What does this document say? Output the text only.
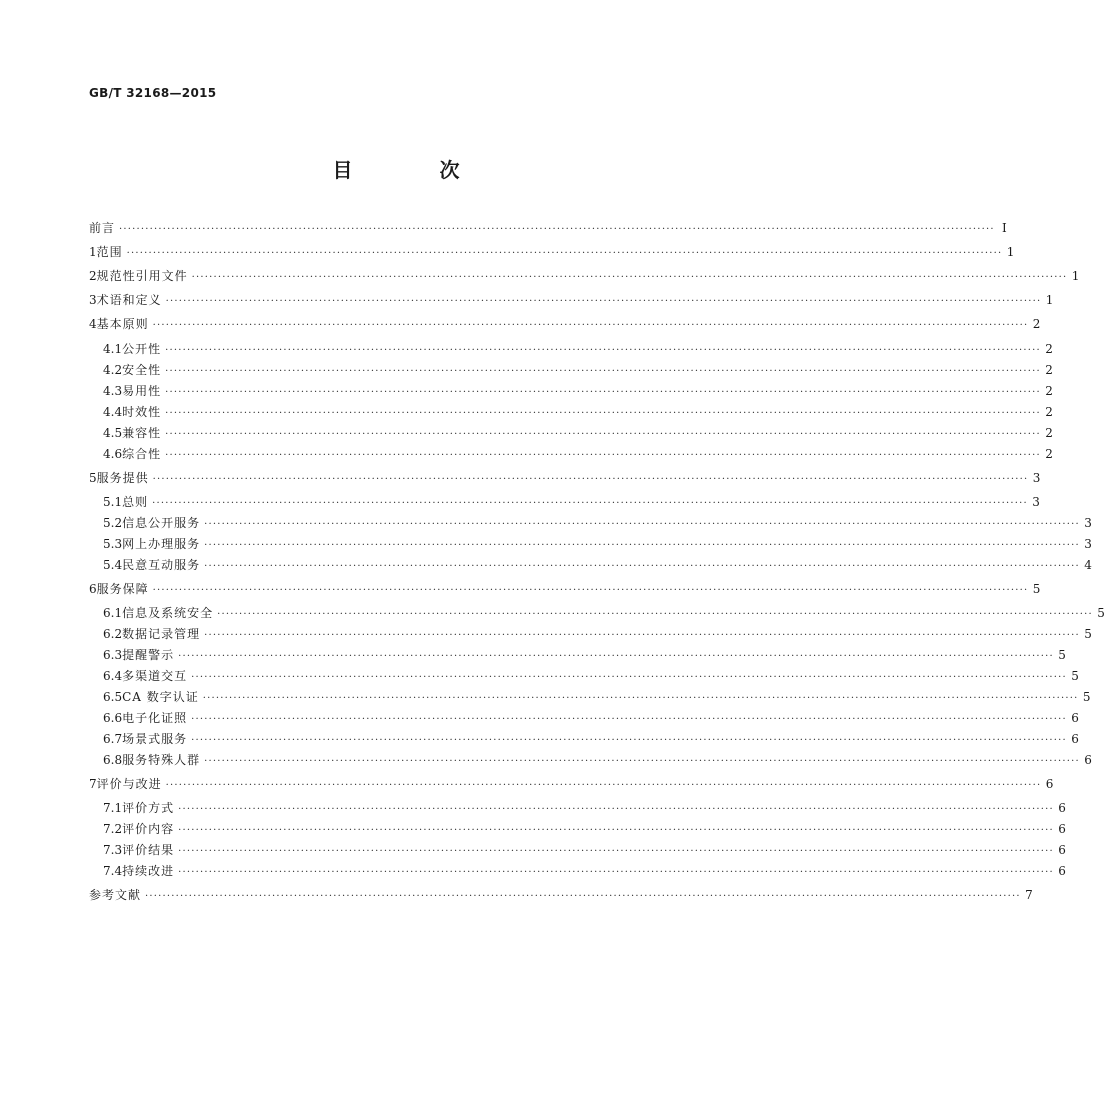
GB/T 32168—2015
目 次
前言 ········································································································································································································ I
1 范围 ········································································································································································································ 1
2 规范性引用文件 ········································································································································································································ 1
3 术语和定义 ········································································································································································································ 1
4 基本原则 ········································································································································································································ 2
4.1 公开性 ········································································································································································································ 2
4.2 安全性 ········································································································································································································ 2
4.3 易用性 ········································································································································································································ 2
4.4 时效性 ········································································································································································································ 2
4.5 兼容性 ········································································································································································································ 2
4.6 综合性 ········································································································································································································ 2
5 服务提供 ········································································································································································································ 3
5.1 总则 ········································································································································································································ 3
5.2 信息公开服务 ········································································································································································································ 3
5.3 网上办理服务 ········································································································································································································ 3
5.4 民意互动服务 ········································································································································································································ 4
6 服务保障 ········································································································································································································ 5
6.1 信息及系统安全 ········································································································································································································ 5
6.2 数据记录管理 ········································································································································································································ 5
6.3 提醒警示 ········································································································································································································ 5
6.4 多渠道交互 ········································································································································································································ 5
6.5 CA 数字认证 ········································································································································································································ 5
6.6 电子化证照 ········································································································································································································ 6
6.7 场景式服务 ········································································································································································································ 6
6.8 服务特殊人群 ········································································································································································································ 6
7 评价与改进 ········································································································································································································ 6
7.1 评价方式 ········································································································································································································ 6
7.2 评价内容 ········································································································································································································ 6
7.3 评价结果 ········································································································································································································ 6
7.4 持续改进 ········································································································································································································ 6
参考文献 ········································································································································································································ 7
